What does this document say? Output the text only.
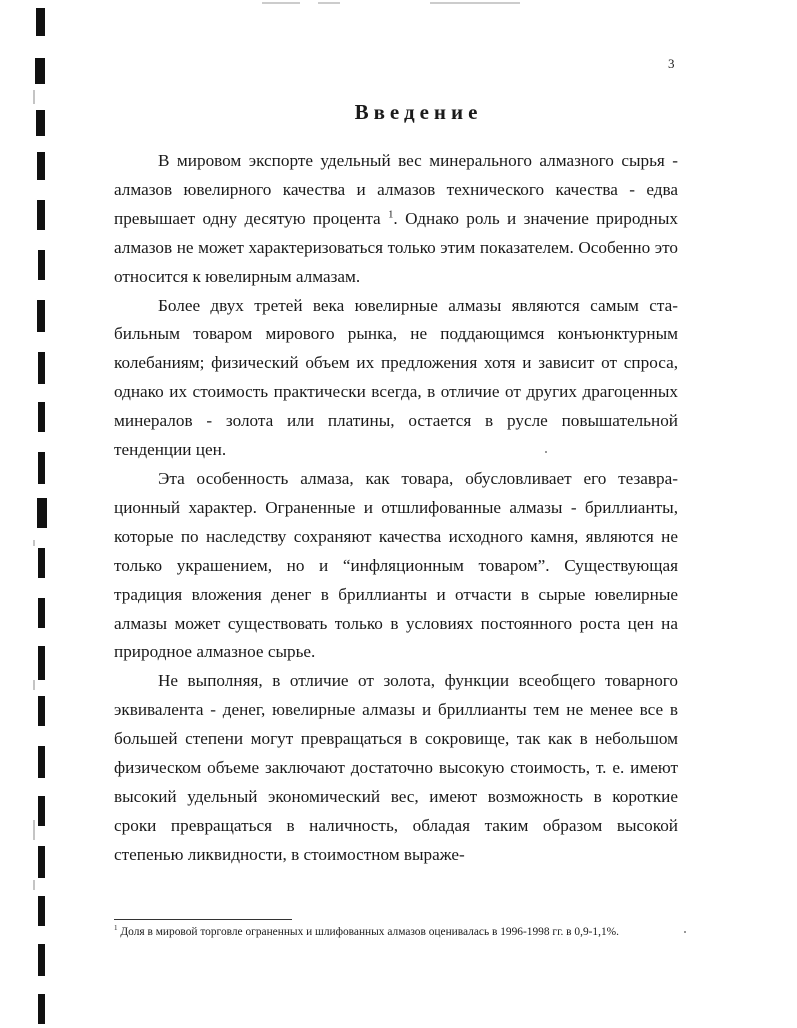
3
Введение

В мировом экспорте удельный вес минерального алмазного сырья - алмазов ювелирного качества и алмазов технического качества - едва превышает одну десятую процента $^1$. Однако роль и значение природных алмазов не может характеризоваться только этим показателем. Особенно это относится к ювелирным алмазам.

Более двух третей века ювелирные алмазы являются самым стабильным товаром мирового рынка, не поддающимся конъюнктурным колебаниям; физический объем их предложения хотя и зависит от спроса, однако их стоимость практически всегда, в отличие от других драгоценных минералов - золота или платины, остается в русле повышательной тенденции цен.

Эта особенность алмаза, как товара, обусловливает его тезаврационный характер. Ограненные и отшлифованные алмазы - бриллианты, которые по наследству сохраняют качества исходного камня, являются не только украшением, но и “инфляционным товаром”. Существующая традиция вложения денег в бриллианты и отчасти в сырые ювелирные алмазы может существовать только в условиях постоянного роста цен на природное алмазное сырье.

Не выполняя, в отличие от золота, функции всеобщего товарного эквивалента - денег, ювелирные алмазы и бриллианты тем не менее все в большей степени могут превращаться в сокровище, так как в небольшом физическом объеме заключают достаточно высокую стоимость, т. е. имеют высокий удельный экономический вес, имеют возможность в короткие сроки превращаться в наличность, обладая таким образом высокой степенью ликвидности, в стоимостном выраже-

$^1$ Доля в мировой торговле ограненных и шлифованных алмазов оценивалась в 1996-1998 гг. в 0,9-1,1%.
